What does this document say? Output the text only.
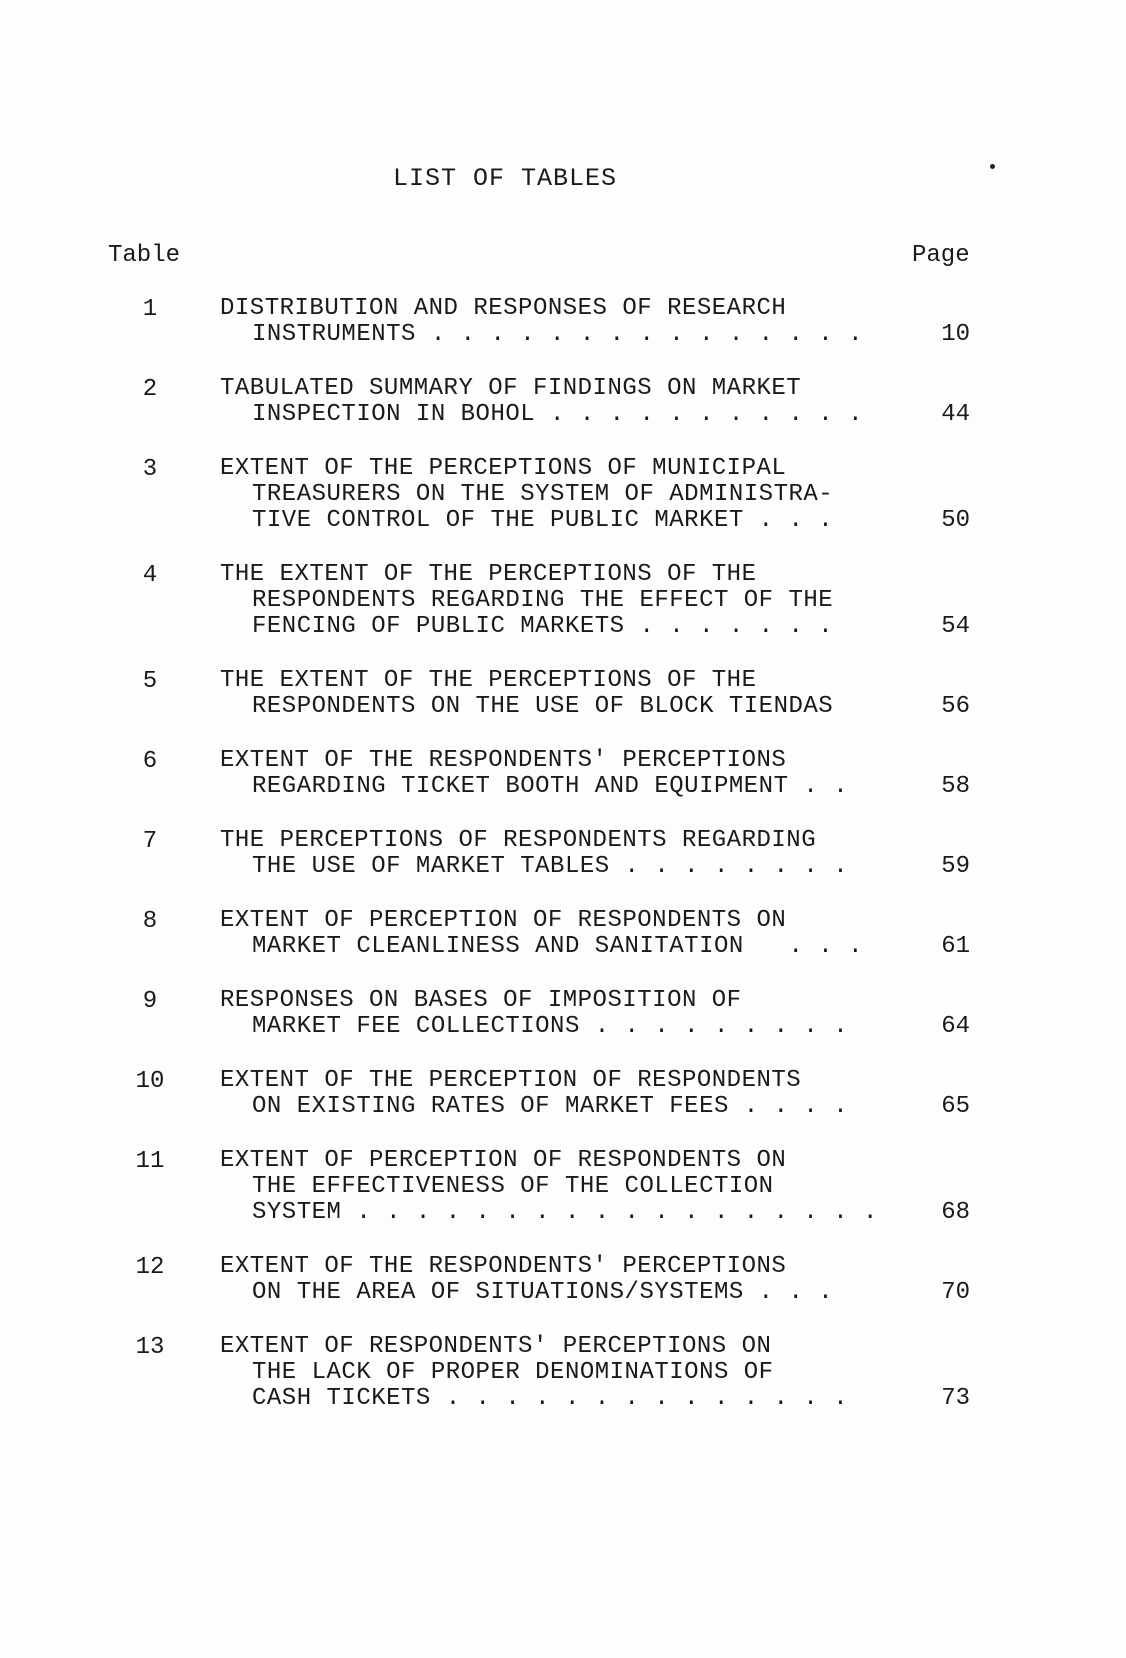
LIST OF TABLES
Table	Page
1	DISTRIBUTION AND RESPONSES OF RESEARCH
INSTRUMENTS . . . . . . . . . . . . . . .	10
2	TABULATED SUMMARY OF FINDINGS ON MARKET
INSPECTION IN BOHOL . . . . . . . . . . .	44
3	EXTENT OF THE PERCEPTIONS OF MUNICIPAL
TREASURERS ON THE SYSTEM OF ADMINISTRA-
TIVE CONTROL OF THE PUBLIC MARKET . . .	50
4	THE EXTENT OF THE PERCEPTIONS OF THE
RESPONDENTS REGARDING THE EFFECT OF THE
FENCING OF PUBLIC MARKETS . . . . . . .	54
5	THE EXTENT OF THE PERCEPTIONS OF THE
RESPONDENTS ON THE USE OF BLOCK TIENDAS	56
6	EXTENT OF THE RESPONDENTS' PERCEPTIONS
REGARDING TICKET BOOTH AND EQUIPMENT . .	58
7	THE PERCEPTIONS OF RESPONDENTS REGARDING
THE USE OF MARKET TABLES . . . . . . . .	59
8	EXTENT OF PERCEPTION OF RESPONDENTS ON
MARKET CLEANLINESS AND SANITATION   . . .	61
9	RESPONSES ON BASES OF IMPOSITION OF
MARKET FEE COLLECTIONS . . . . . . . . .	64
10	EXTENT OF THE PERCEPTION OF RESPONDENTS
ON EXISTING RATES OF MARKET FEES . . . .	65
11	EXTENT OF PERCEPTION OF RESPONDENTS ON
THE EFFECTIVENESS OF THE COLLECTION
SYSTEM . . . . . . . . . . . . . . . . . .	68
12	EXTENT OF THE RESPONDENTS' PERCEPTIONS
ON THE AREA OF SITUATIONS/SYSTEMS . . .	70
13	EXTENT OF RESPONDENTS' PERCEPTIONS ON
THE LACK OF PROPER DENOMINATIONS OF
CASH TICKETS . . . . . . . . . . . . . .	73
